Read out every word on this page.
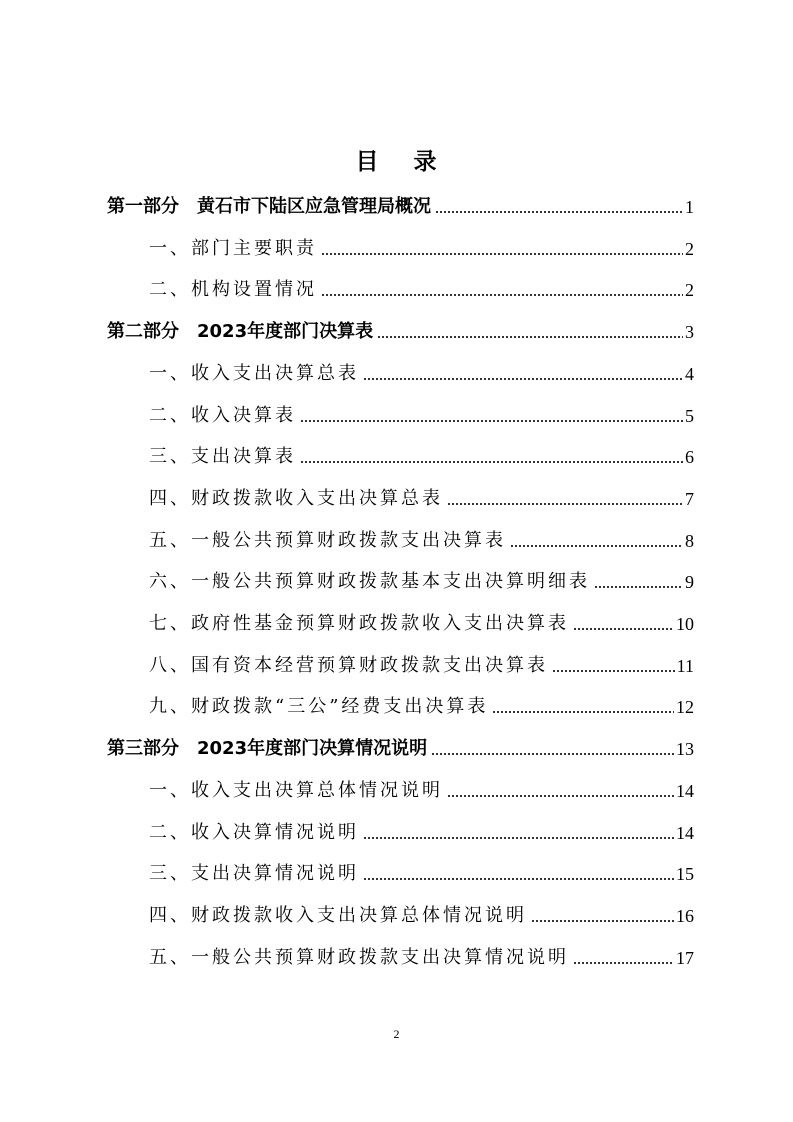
目 录
第一部分　黄石市下陆区应急管理局概况	1
一、部门主要职责	2
二、机构设置情况	2
第二部分　2023年度部门决算表	3
一、收入支出决算总表	4
二、收入决算表	5
三、支出决算表	6
四、财政拨款收入支出决算总表	7
五、一般公共预算财政拨款支出决算表	8
六、一般公共预算财政拨款基本支出决算明细表	9
七、政府性基金预算财政拨款收入支出决算表	10
八、国有资本经营预算财政拨款支出决算表	11
九、财政拨款“三公”经费支出决算表	12
第三部分　2023年度部门决算情况说明	13
一、收入支出决算总体情况说明	14
二、收入决算情况说明	14
三、支出决算情况说明	15
四、财政拨款收入支出决算总体情况说明	16
五、一般公共预算财政拨款支出决算情况说明	17
2
